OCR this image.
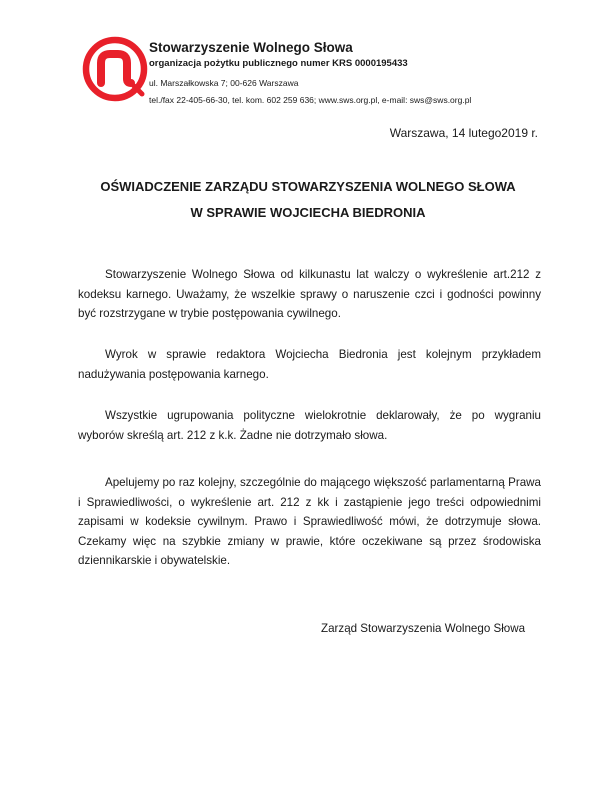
Stowarzyszenie Wolnego Słowa
organizacja pożytku publicznego numer KRS 0000195433
ul. Marszałkowska 7; 00-626 Warszawa
tel./fax 22-405-66-30, tel. kom. 602 259 636; www.sws.org.pl, e-mail: sws@sws.org.pl
Warszawa, 14 lutego2019 r.
OŚWIADCZENIE ZARZĄDU STOWARZYSZENIA WOLNEGO SŁOWA
W SPRAWIE WOJCIECHA BIEDRONIA

Stowarzyszenie Wolnego Słowa od kilkunastu lat walczy o wykreślenie art.212 z kodeksu karnego. Uważamy, że wszelkie sprawy o naruszenie czci i godności powinny być rozstrzygane w trybie postępowania cywilnego.

Wyrok w sprawie redaktora Wojciecha Biedronia jest kolejnym przykładem nadużywania postępowania karnego.

Wszystkie ugrupowania polityczne wielokrotnie deklarowały, że po wygraniu wyborów skreślą art. 212 z k.k. Żadne nie dotrzymało słowa.

Apelujemy po raz kolejny, szczególnie do mającego większość parlamentarną Prawa i Sprawiedliwości, o wykreślenie art. 212 z kk i zastąpienie jego treści odpowiednimi zapisami w kodeksie cywilnym. Prawo i Sprawiedliwość mówi, że dotrzymuje słowa. Czekamy więc na szybkie zmiany w prawie, które oczekiwane są przez środowiska dziennikarskie i obywatelskie.

Zarząd Stowarzyszenia Wolnego Słowa
